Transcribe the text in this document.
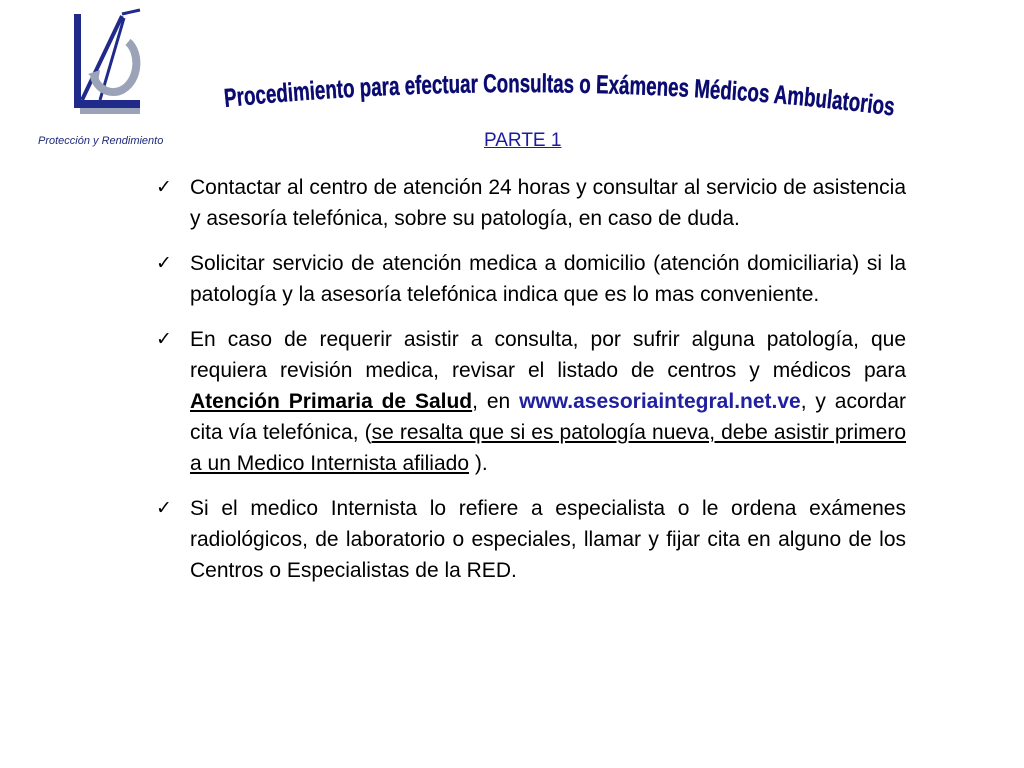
Protección y Rendimiento
Procedimiento para efectuar Consultas o Exámenes Médicos Ambulatorios
PARTE 1
✓ Contactar al centro de atención 24 horas y consultar al servicio de asistencia y asesoría telefónica, sobre su patología, en caso de duda.
✓ Solicitar servicio de atención medica a domicilio (atención domiciliaria) si la patología y la asesoría telefónica indica que es lo mas conveniente.
✓ En caso de requerir asistir a consulta, por sufrir alguna patología, que requiera revisión medica, revisar el listado de centros y médicos para Atención Primaria de Salud, en www.asesoriaintegral.net.ve, y acordar cita vía telefónica, (se resalta que si es patología nueva, debe asistir primero a un Medico Internista afiliado ).
✓ Si el medico Internista lo refiere a especialista o le ordena exámenes radiológicos, de laboratorio o especiales, llamar y fijar cita en alguno de los Centros o Especialistas de la RED.
